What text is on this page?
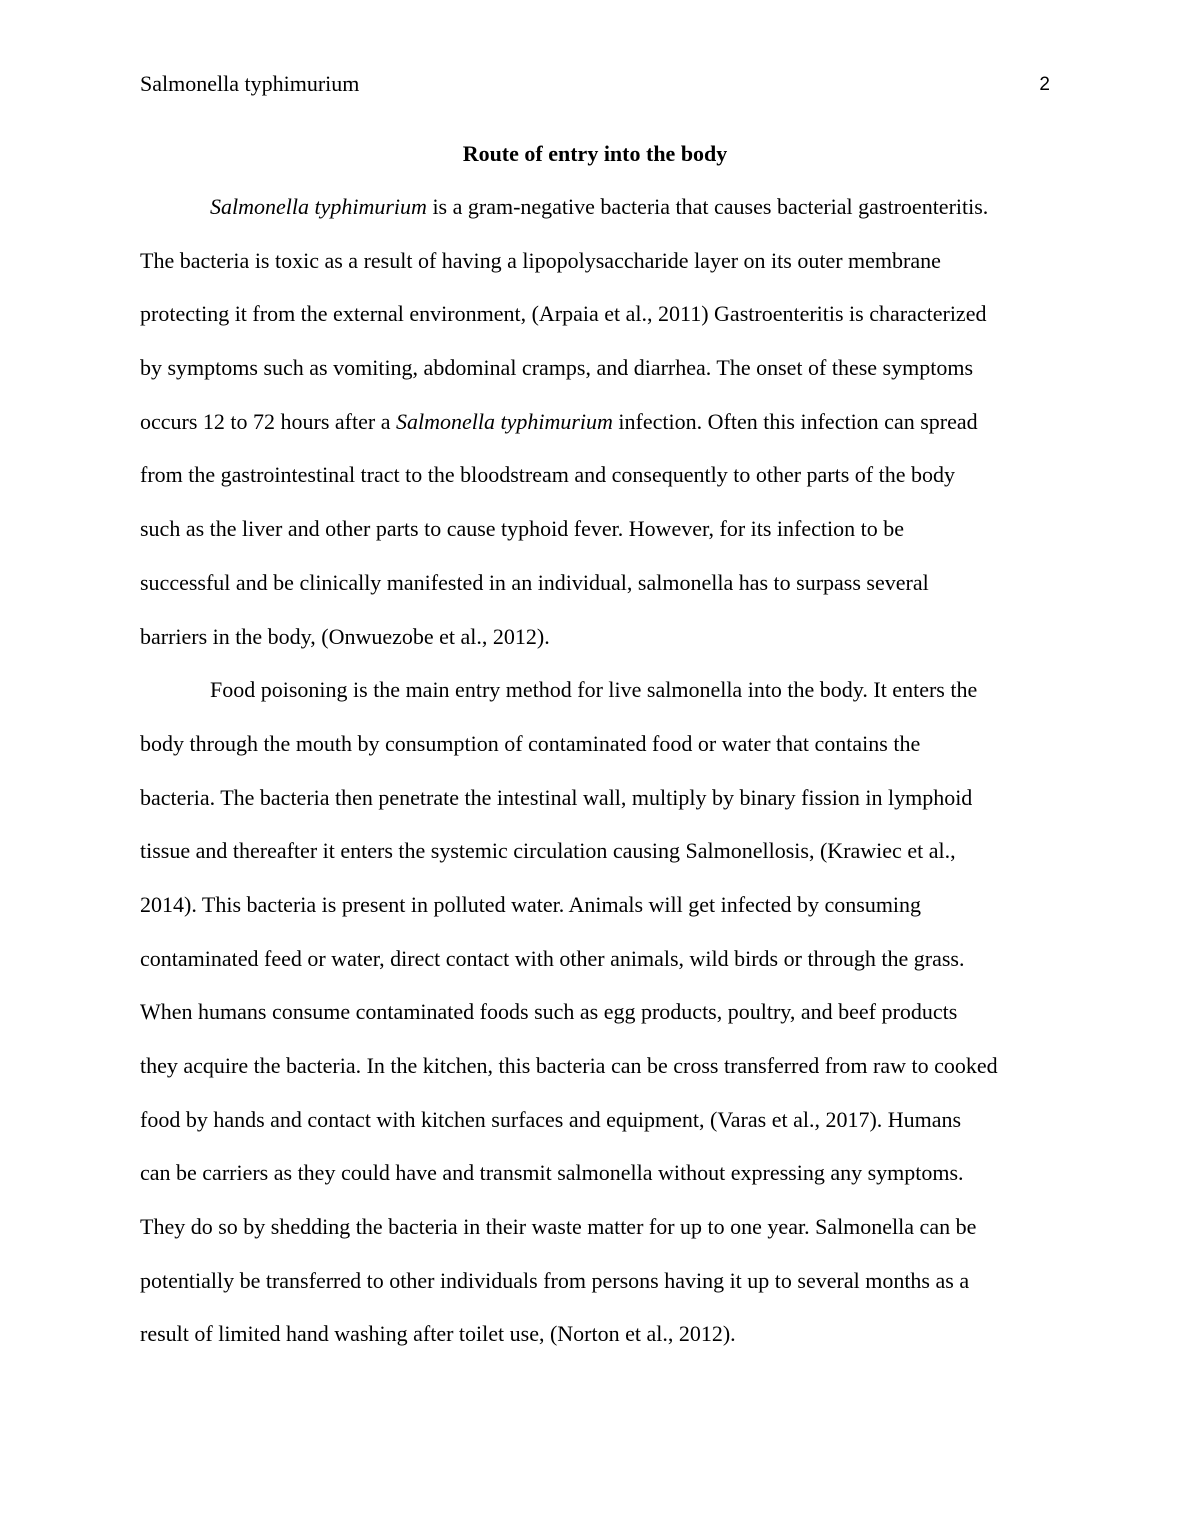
Salmonella typhimurium	2
Route of entry into the body
Salmonella typhimurium is a gram-negative bacteria that causes bacterial gastroenteritis.
The bacteria is toxic as a result of having a lipopolysaccharide layer on its outer membrane
protecting it from the external environment, (Arpaia et al., 2011) Gastroenteritis is characterized
by symptoms such as vomiting, abdominal cramps, and diarrhea. The onset of these symptoms
occurs 12 to 72 hours after a Salmonella typhimurium infection. Often this infection can spread
from the gastrointestinal tract to the bloodstream and consequently to other parts of the body
such as the liver and other parts to cause typhoid fever. However, for its infection to be
successful and be clinically manifested in an individual, salmonella has to surpass several
barriers in the body, (Onwuezobe et al., 2012).
Food poisoning is the main entry method for live salmonella into the body. It enters the
body through the mouth by consumption of contaminated food or water that contains the
bacteria. The bacteria then penetrate the intestinal wall, multiply by binary fission in lymphoid
tissue and thereafter it enters the systemic circulation causing Salmonellosis, (Krawiec et al.,
2014). This bacteria is present in polluted water. Animals will get infected by consuming
contaminated feed or water, direct contact with other animals, wild birds or through the grass.
When humans consume contaminated foods such as egg products, poultry, and beef products
they acquire the bacteria. In the kitchen, this bacteria can be cross transferred from raw to cooked
food by hands and contact with kitchen surfaces and equipment, (Varas et al., 2017). Humans
can be carriers as they could have and transmit salmonella without expressing any symptoms.
They do so by shedding the bacteria in their waste matter for up to one year. Salmonella can be
potentially be transferred to other individuals from persons having it up to several months as a
result of limited hand washing after toilet use, (Norton et al., 2012).
